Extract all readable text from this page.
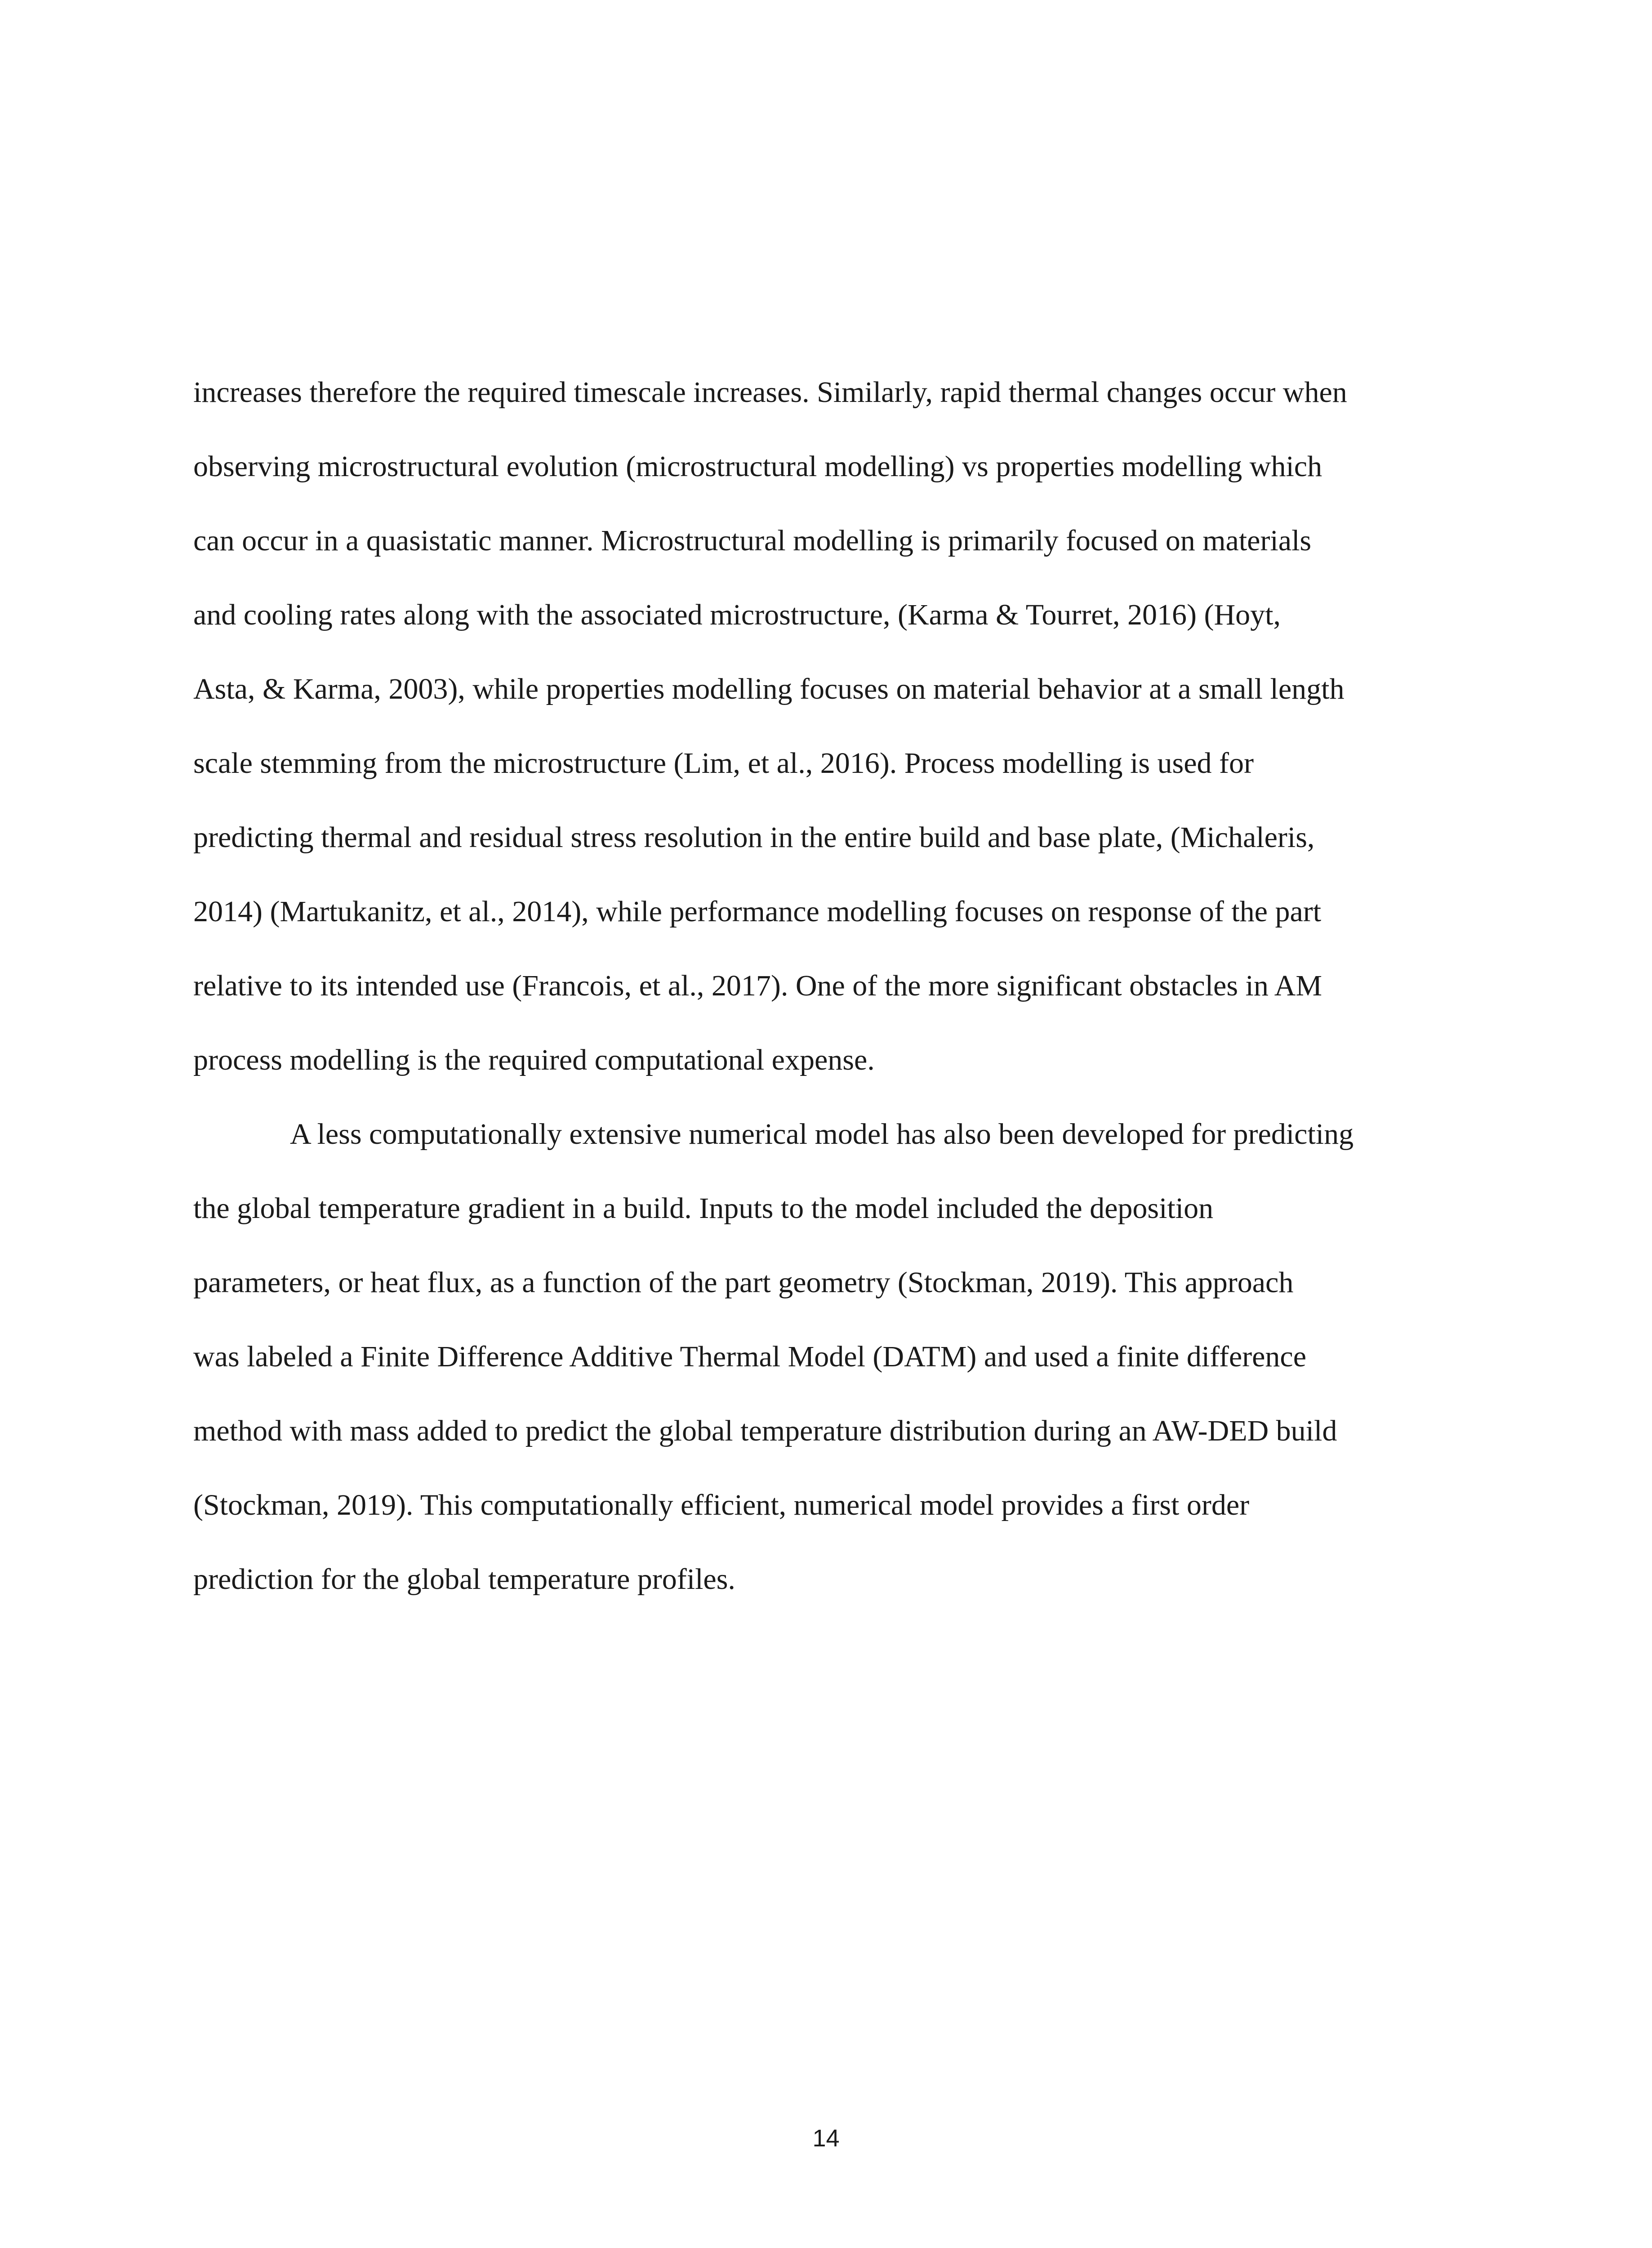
increases therefore the required timescale increases. Similarly, rapid thermal changes occur when
observing microstructural evolution (microstructural modelling) vs properties modelling which
can occur in a quasistatic manner. Microstructural modelling is primarily focused on materials
and cooling rates along with the associated microstructure, (Karma & Tourret, 2016) (Hoyt,
Asta, & Karma, 2003), while properties modelling focuses on material behavior at a small length
scale stemming from the microstructure (Lim, et al., 2016). Process modelling is used for
predicting thermal and residual stress resolution in the entire build and base plate, (Michaleris,
2014) (Martukanitz, et al., 2014), while performance modelling focuses on response of the part
relative to its intended use (Francois, et al., 2017). One of the more significant obstacles in AM
process modelling is the required computational expense.
A less computationally extensive numerical model has also been developed for predicting
the global temperature gradient in a build. Inputs to the model included the deposition
parameters, or heat flux, as a function of the part geometry (Stockman, 2019). This approach
was labeled a Finite Difference Additive Thermal Model (DATM) and used a finite difference
method with mass added to predict the global temperature distribution during an AW-DED build
(Stockman, 2019). This computationally efficient, numerical model provides a first order
prediction for the global temperature profiles.
14
